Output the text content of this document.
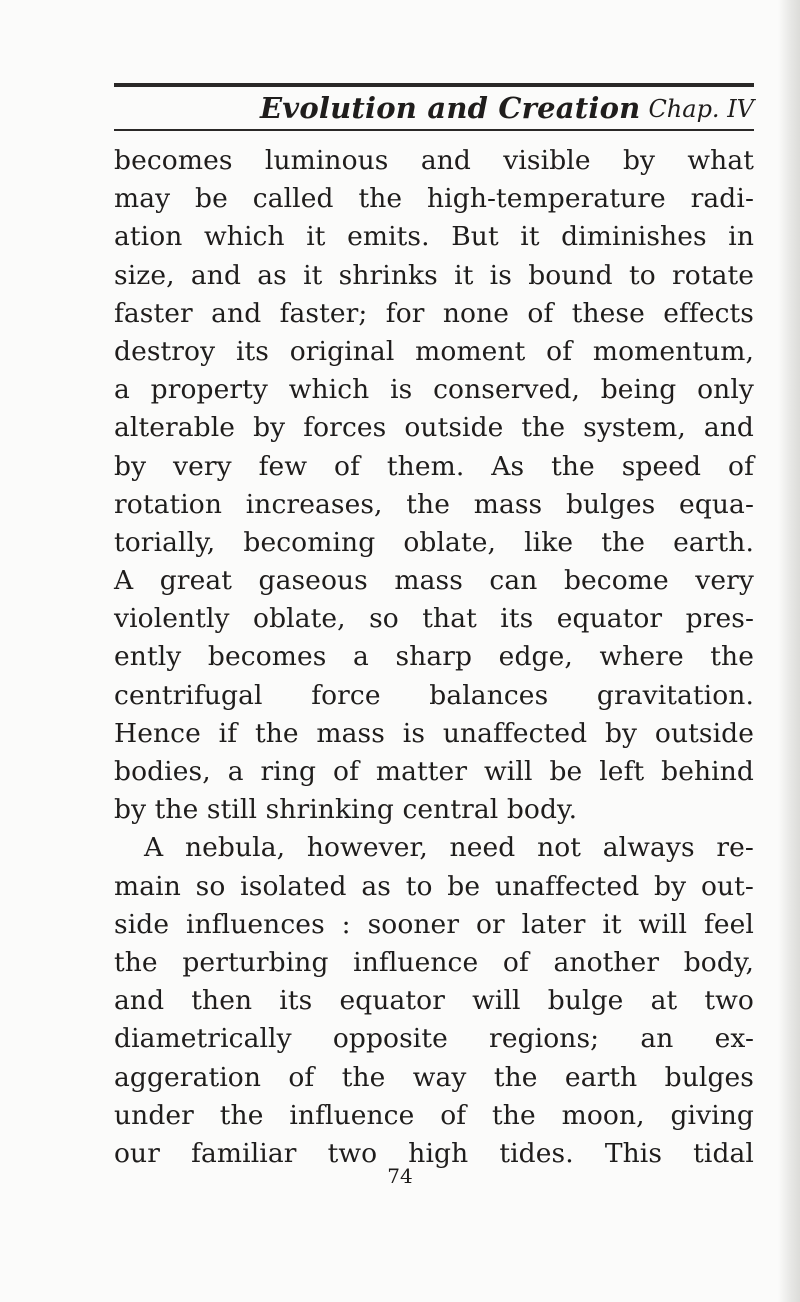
Evolution and Creation Chap. IV
becomes luminous and visible by what
may be called the high-temperature radi-
ation which it emits. But it diminishes in
size, and as it shrinks it is bound to rotate
faster and faster; for none of these effects
destroy its original moment of momentum,
a property which is conserved, being only
alterable by forces outside the system, and
by very few of them. As the speed of
rotation increases, the mass bulges equa-
torially, becoming oblate, like the earth.
A great gaseous mass can become very
violently oblate, so that its equator pres-
ently becomes a sharp edge, where the
centrifugal force balances gravitation.
Hence if the mass is unaffected by outside
bodies, a ring of matter will be left behind
by the still shrinking central body.
A nebula, however, need not always re-
main so isolated as to be unaffected by out-
side influences : sooner or later it will feel
the perturbing influence of another body,
and then its equator will bulge at two
diametrically opposite regions; an ex-
aggeration of the way the earth bulges
under the influence of the moon, giving
our familiar two high tides. This tidal
74
